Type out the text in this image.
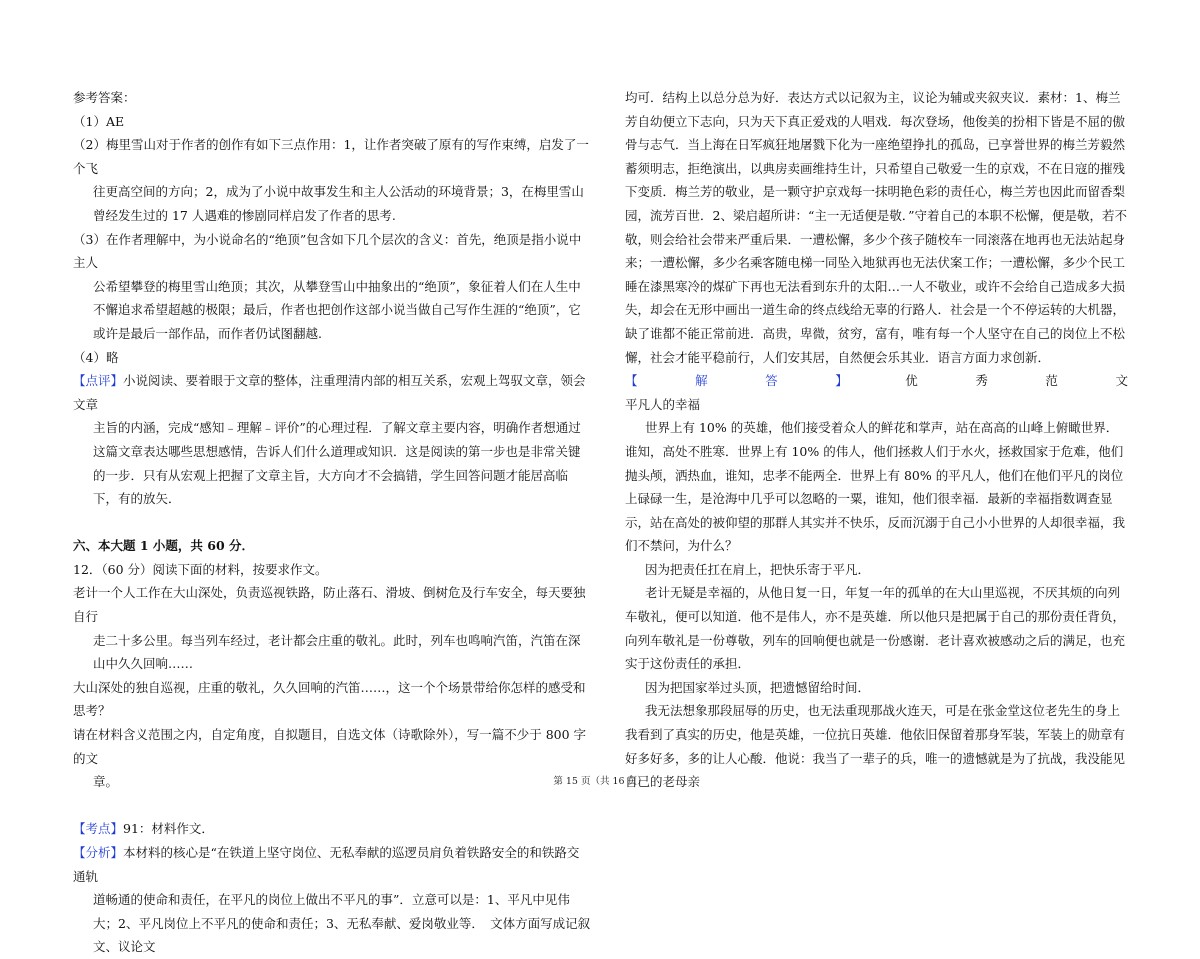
参考答案：

（1）AE

（2）梅里雪山对于作者的创作有如下三点作用：1，让作者突破了原有的写作束缚，启发了一个飞

往更高空间的方向；2，成为了小说中故事发生和主人公活动的环境背景；3，在梅里雪山曾经发生过的 17 人遇难的惨剧同样启发了作者的思考.

（3）在作者理解中，为小说命名的“绝顶”包含如下几个层次的含义：首先，绝顶是指小说中主人

公希望攀登的梅里雪山绝顶；其次，从攀登雪山中抽象出的“绝顶”，象征着人们在人生中不懈追求希望超越的极限；最后，作者也把创作这部小说当做自己写作生涯的“绝顶”，它或许是最后一部作品，而作者仍试图翻越.

（4）略

【点评】小说阅读、要着眼于文章的整体，注重理清内部的相互关系，宏观上驾驭文章，领会文章

主旨的内涵，完成“感知﹣理解﹣评价”的心理过程．了解文章主要内容，明确作者想通过这篇文章表达哪些思想感情，告诉人们什么道理或知识．这是阅读的第一步也是非常关键的一步．只有从宏观上把握了文章主旨，大方向才不会搞错，学生回答问题才能居高临下，有的放矢．

六、本大题 1 小题，共 60 分．

12．（60 分）阅读下面的材料，按要求作文。

老计一个人工作在大山深处，负责巡视铁路，防止落石、滑坡、倒树危及行车安全，每天要独自行

走二十多公里。每当列车经过，老计都会庄重的敬礼。此时，列车也鸣响汽笛，汽笛在深山中久久回响……

大山深处的独自巡视，庄重的敬礼，久久回响的汽笛……，这一个个场景带给你怎样的感受和思考？

请在材料含义范围之内，自定角度，自拟题目，自选文体（诗歌除外），写一篇不少于 800 字的文

章。

【考点】91：材料作文．

【分析】本材料的核心是“在铁道上坚守岗位、无私奉献的巡逻员肩负着铁路安全的和铁路交通轨

道畅通的使命和责任，在平凡的岗位上做出不平凡的事”．立意可以是：1、平凡中见伟大；2、平凡岗位上不平凡的使命和责任；3、无私奉献、爱岗敬业等．　文体方面写成记叙文、议论文

均可．结构上以总分总为好．表达方式以记叙为主，议论为辅或夹叙夹议．素材：1、梅兰芳自幼便立下志向，只为天下真正爱戏的人唱戏．每次登场，他俊美的扮相下皆是不屈的傲骨与志气．当上海在日军疯狂地屠戮下化为一座绝望挣扎的孤岛，已享誉世界的梅兰芳毅然蓄须明志，拒绝演出，以典房卖画维持生计，只希望自己敬爱一生的京戏，不在日寇的摧残下变质．梅兰芳的敬业，是一颗守护京戏每一抹明艳色彩的责任心，梅兰芳也因此而留香梨园，流芳百世．2、梁启超所讲：“主一无适便是敬．”守着自己的本职不松懈，便是敬，若不敬，则会给社会带来严重后果．一遭松懈，多少个孩子随校车一同滚落在地再也无法站起身来；一遭松懈，多少名乘客随电梯一同坠入地狱再也无法伏案工作；一遭松懈，多少个民工睡在漆黑寒冷的煤矿下再也无法看到东升的太阳…一人不敬业，或许不会给自己造成多大损失，却会在无形中画出一道生命的终点线给无辜的行路人．社会是一个不停运转的大机器，缺了谁都不能正常前进．高贵，卑微，贫穷，富有，唯有每一个人坚守在自己的岗位上不松懈，社会才能平稳前行，人们安其居，自然便会乐其业．语言方面力求创新．

【	解	答	】	优	秀	范	文

平凡人的幸福

世界上有 10% 的英雄，他们接受着众人的鲜花和掌声，站在高高的山峰上俯瞰世界．谁知，高处不胜寒．世界上有 10% 的伟人，他们拯救人们于水火，拯救国家于危难，他们抛头颅，洒热血，谁知，忠孝不能两全．世界上有 80% 的平凡人，他们在他们平凡的岗位上碌碌一生，是沧海中几乎可以忽略的一粟，谁知，他们很幸福．最新的幸福指数调查显示，站在高处的被仰望的那群人其实并不快乐，反而沉溺于自己小小世界的人却很幸福，我们不禁问，为什么？

因为把责任扛在肩上，把快乐寄于平凡．

老计无疑是幸福的，从他日复一日，年复一年的孤单的在大山里巡视，不厌其烦的向列车敬礼，便可以知道．他不是伟人，亦不是英雄．所以他只是把属于自己的那份责任背负，向列车敬礼是一份尊敬，列车的回响便也就是一份感谢．老计喜欢被感动之后的满足，也充实于这份责任的承担．

因为把国家举过头顶，把遗憾留给时间．

我无法想象那段屈辱的历史，也无法重现那战火连天，可是在张金堂这位老先生的身上我看到了真实的历史，他是英雄，一位抗日英雄．他依旧保留着那身军装，军装上的勋章有好多好多，多的让人心酸．他说：我当了一辈子的兵，唯一的遗憾就是为了抗战，我没能见自己的老母亲

第 15 页（共 16 页）
